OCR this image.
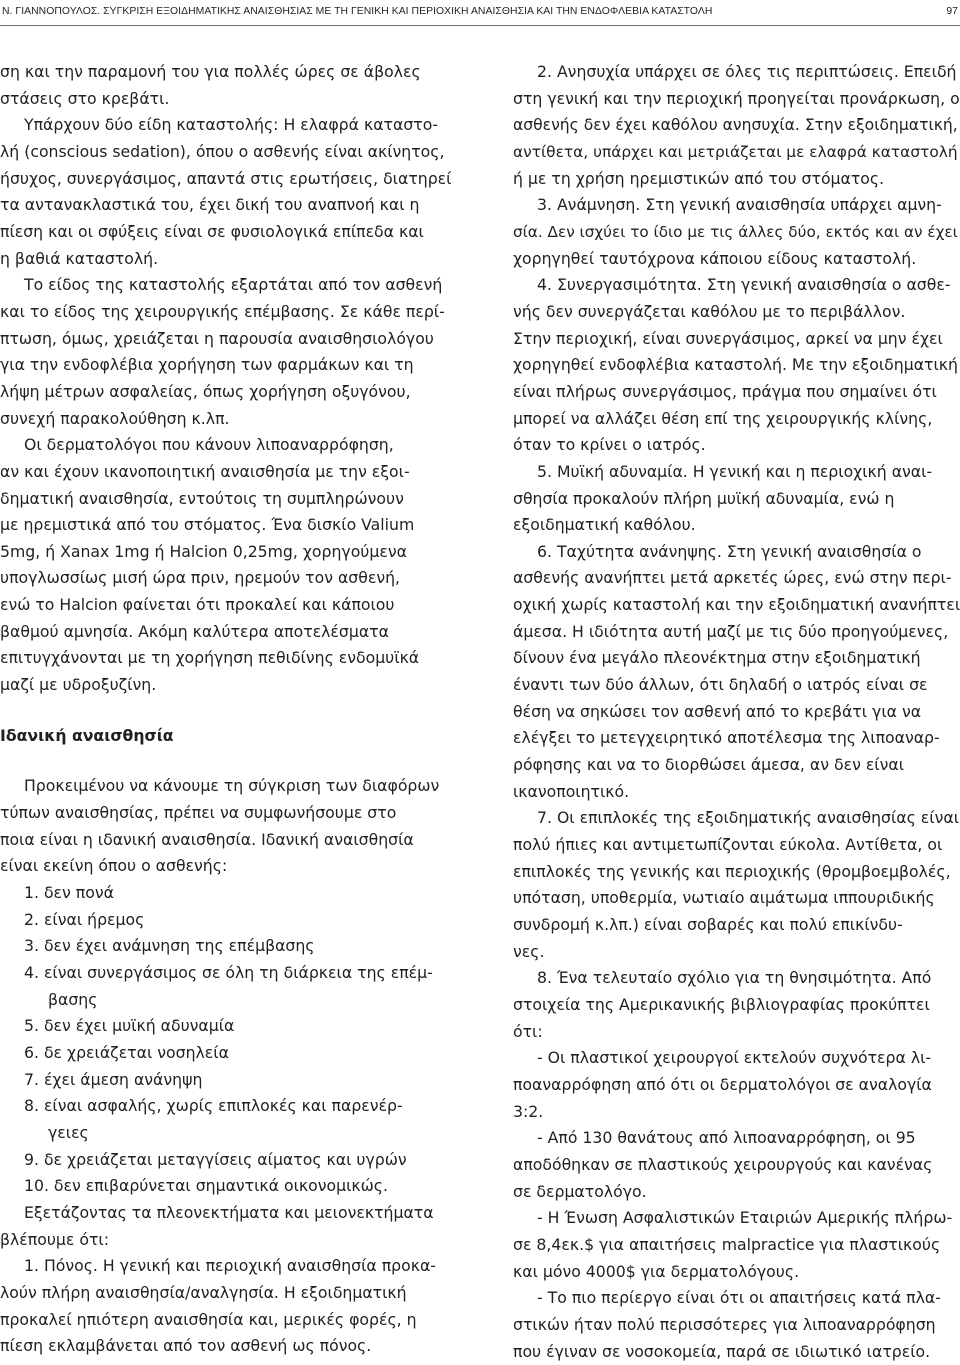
Ν. ΓΙΑΝΝΟΠΟΥΛΟΣ. ΣΥΓΚΡΙΣΗ ΕΞΟΙΔΗΜΑΤΙΚΗΣ ΑΝΑΙΣΘΗΣΙΑΣ ΜΕ ΤΗ ΓΕΝΙΚΗ ΚΑΙ ΠΕΡΙΟΧΙΚΗ ΑΝΑΙΣΘΗΣΙΑ ΚΑΙ ΤΗΝ ΕΝΔΟΦΛΕΒΙΑ ΚΑΤΑΣΤΟΛΗ	97

ση και την παραμονή του για πολλές ώρες σε άβολες

στάσεις στο κρεβάτι.

Υπάρχουν δύο είδη καταστολής: Η ελαφρά καταστο-

λή (conscious sedation), όπου ο ασθενής είναι ακίνητος,

ήσυχος, συνεργάσιμος, απαντά στις ερωτήσεις, διατηρεί

τα αντανακλαστικά του, έχει δική του αναπνοή και η

πίεση και οι σφύξεις είναι σε φυσιολογικά επίπεδα και

η βαθιά καταστολή.

Το είδος της καταστολής εξαρτάται από τον ασθενή

και το είδος της χειρουργικής επέμβασης. Σε κάθε περί-

πτωση, όμως, χρειάζεται η παρουσία αναισθησιολόγου

για την ενδοφλέβια χορήγηση των φαρμάκων και τη

λήψη μέτρων ασφαλείας, όπως χορήγηση οξυγόνου,

συνεχή παρακολούθηση κ.λπ.

Οι δερματολόγοι που κάνουν λιποαναρρόφηση,

αν και έχουν ικανοποιητική αναισθησία με την εξοι-

δηματική αναισθησία, εντούτοις τη συμπληρώνουν

με ηρεμιστικά από του στόματος. Ένα δισκίο Valium

5mg, ή Xanax 1mg ή Halcion 0,25mg, χορηγούμενα

υπογλωσσίως μισή ώρα πριν, ηρεμούν τον ασθενή,

ενώ το Halcion φαίνεται ότι προκαλεί και κάποιου

βαθμού αμνησία. Ακόμη καλύτερα αποτελέσματα

επιτυγχάνονται με τη χορήγηση πεθιδίνης ενδομυϊκά

μαζί με υδροξυζίνη.

Ιδανική αναισθησία

Προκειμένου να κάνουμε τη σύγκριση των διαφόρων

τύπων αναισθησίας, πρέπει να συμφωνήσουμε στο

ποια είναι η ιδανική αναισθησία. Ιδανική αναισθησία

είναι εκείνη όπου ο ασθενής:

1. δεν πονά

2. είναι ήρεμος

3. δεν έχει ανάμνηση της επέμβασης

4. είναι συνεργάσιμος σε όλη τη διάρκεια της επέμ-

βασης

5. δεν έχει μυϊκή αδυναμία

6. δε χρειάζεται νοσηλεία

7. έχει άμεση ανάνηψη

8. είναι ασφαλής, χωρίς επιπλοκές και παρενέρ-

γειες

9. δε χρειάζεται μεταγγίσεις αίματος και υγρών

10. δεν επιβαρύνεται σημαντικά οικονομικώς.

Εξετάζοντας τα πλεονεκτήματα και μειονεκτήματα

βλέπουμε ότι:

1. Πόνος. Η γενική και περιοχική αναισθησία προκα-

λούν πλήρη αναισθησία/αναλγησία. Η εξοιδηματική

προκαλεί ηπιότερη αναισθησία και, μερικές φορές, η

πίεση εκλαμβάνεται από τον ασθενή ως πόνος.

2. Ανησυχία υπάρχει σε όλες τις περιπτώσεις. Επειδή

στη γενική και την περιοχική προηγείται προνάρκωση, ο

ασθενής δεν έχει καθόλου ανησυχία. Στην εξοιδηματική,

αντίθετα, υπάρχει και μετριάζεται με ελαφρά καταστολή

ή με τη χρήση ηρεμιστικών από του στόματος.

3. Ανάμνηση. Στη γενική αναισθησία υπάρχει αμνη-

σία. Δεν ισχύει το ίδιο με τις άλλες δύο, εκτός και αν έχει

χορηγηθεί ταυτόχρονα κάποιου είδους καταστολή.

4. Συνεργασιμότητα. Στη γενική αναισθησία ο ασθε-

νής δεν συνεργάζεται καθόλου με το περιβάλλον.

Στην περιοχική, είναι συνεργάσιμος, αρκεί να μην έχει

χορηγηθεί ενδοφλέβια καταστολή. Με την εξοιδηματική

είναι πλήρως συνεργάσιμος, πράγμα που σημαίνει ότι

μπορεί να αλλάζει θέση επί της χειρουργικής κλίνης,

όταν το κρίνει ο ιατρός.

5. Μυϊκή αδυναμία. Η γενική και η περιοχική αναι-

σθησία προκαλούν πλήρη μυϊκή αδυναμία, ενώ η

εξοιδηματική καθόλου.

6. Ταχύτητα ανάνηψης. Στη γενική αναισθησία ο

ασθενής ανανήπτει μετά αρκετές ώρες, ενώ στην περι-

οχική χωρίς καταστολή και την εξοιδηματική ανανήπτει

άμεσα. Η ιδιότητα αυτή μαζί με τις δύο προηγούμενες,

δίνουν ένα μεγάλο πλεονέκτημα στην εξοιδηματική

έναντι των δύο άλλων, ότι δηλαδή ο ιατρός είναι σε

θέση να σηκώσει τον ασθενή από το κρεβάτι για να

ελέγξει το μετεγχειρητικό αποτέλεσμα της λιποαναρ-

ρόφησης και να το διορθώσει άμεσα, αν δεν είναι

ικανοποιητικό.

7. Οι επιπλοκές της εξοιδηματικής αναισθησίας είναι

πολύ ήπιες και αντιμετωπίζονται εύκολα. Αντίθετα, οι

επιπλοκές της γενικής και περιοχικής (θρομβοεμβολές,

υπόταση, υποθερμία, νωτιαίο αιμάτωμα ιππουριδικής

συνδρομή κ.λπ.) είναι σοβαρές και πολύ επικίνδυ-

νες.

8. Ένα τελευταίο σχόλιο για τη θνησιμότητα. Από

στοιχεία της Αμερικανικής βιβλιογραφίας προκύπτει

ότι:

- Οι πλαστικοί χειρουργοί εκτελούν συχνότερα λι-

ποαναρρόφηση από ότι οι δερματολόγοι σε αναλογία

3:2.

- Από 130 θανάτους από λιποαναρρόφηση, οι 95

αποδόθηκαν σε πλαστικούς χειρουργούς και κανένας

σε δερματολόγο.

- Η Ένωση Ασφαλιστικών Εταιριών Αμερικής πλήρω-

σε 8,4εκ.$ για απαιτήσεις malpractice για πλαστικούς

και μόνο 4000$ για δερματολόγους.

- Το πιο περίεργο είναι ότι οι απαιτήσεις κατά πλα-

στικών ήταν πολύ περισσότερες για λιποαναρρόφηση

που έγιναν σε νοσοκομεία, παρά σε ιδιωτικό ιατρείο.
